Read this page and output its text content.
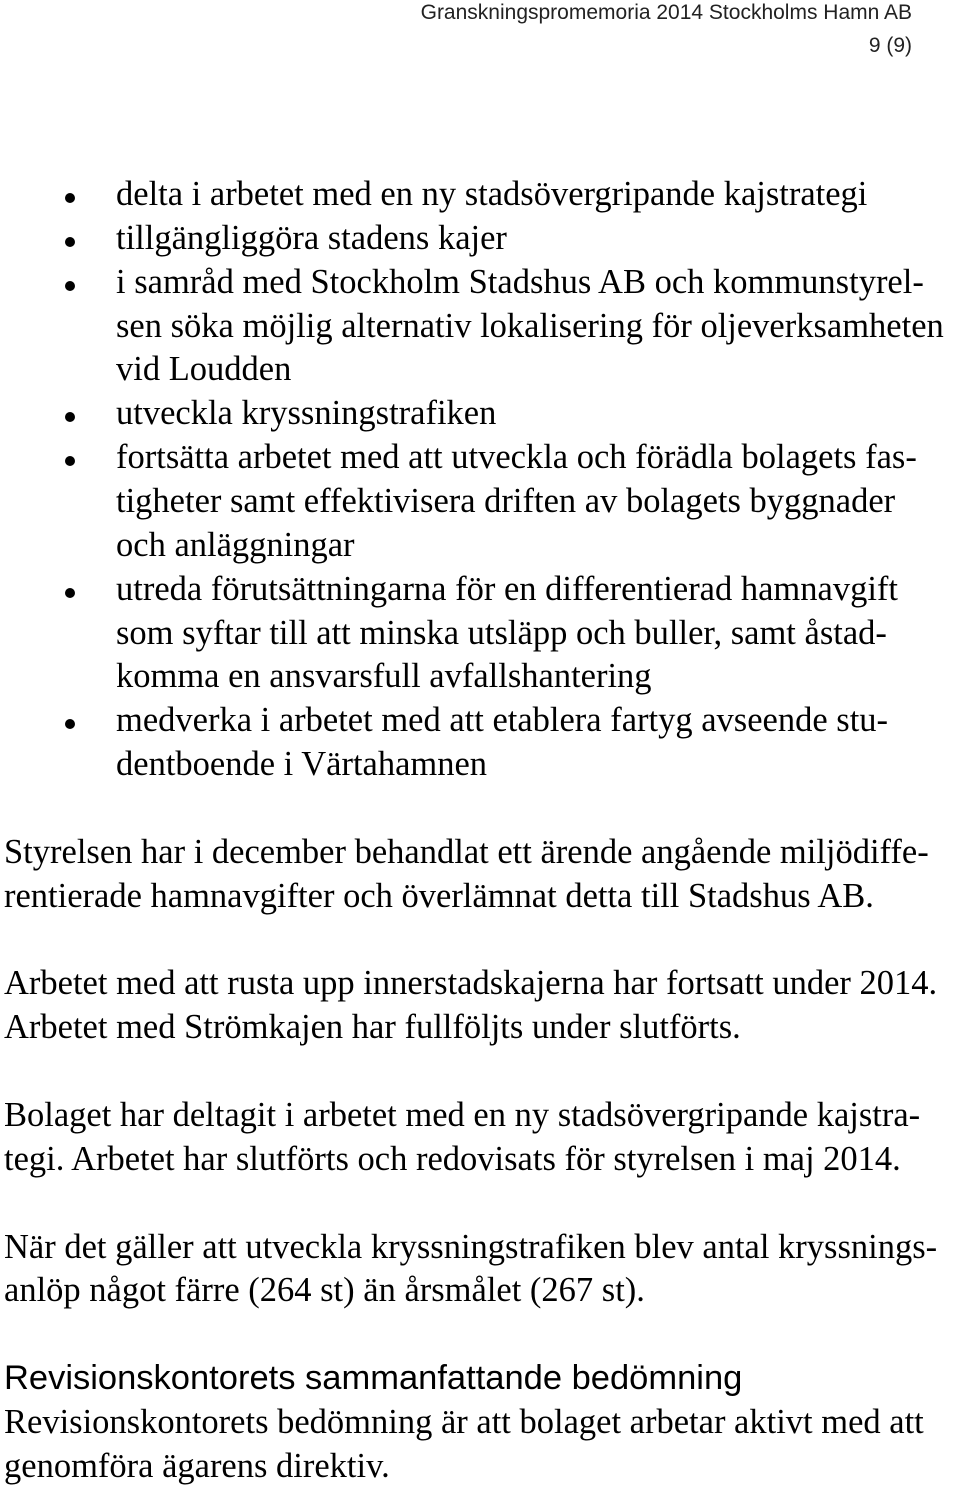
Granskningspromemoria 2014 Stockholms Hamn AB
9 (9)
delta i arbetet med en ny stadsövergripande kajstrategi
tillgängliggöra stadens kajer
i samråd med Stockholm Stadshus AB och kommunstyrel-
sen söka möjlig alternativ lokalisering för oljeverksamheten
vid Loudden
utveckla kryssningstrafiken
fortsätta arbetet med att utveckla och förädla bolagets fas-
tigheter samt effektivisera driften av bolagets byggnader
och anläggningar
utreda förutsättningarna för en differentierad hamnavgift
som syftar till att minska utsläpp och buller, samt åstad-
komma en ansvarsfull avfallshantering
medverka i arbetet med att etablera fartyg avseende stu-
dentboende i Värtahamnen
Styrelsen har i december behandlat ett ärende angående miljödiffe-
rentierade hamnavgifter och överlämnat detta till Stadshus AB.
Arbetet med att rusta upp innerstadskajerna har fortsatt under 2014.
Arbetet med Strömkajen har fullföljts under slutförts.
Bolaget har deltagit i arbetet med en ny stadsövergripande kajstra-
tegi. Arbetet har slutförts och redovisats för styrelsen i maj 2014.
När det gäller att utveckla kryssningstrafiken blev antal kryssnings-
anlöp något färre (264 st) än årsmålet (267 st).
Revisionskontorets sammanfattande bedömning
Revisionskontorets bedömning är att bolaget arbetar aktivt med att
genomföra ägarens direktiv.
